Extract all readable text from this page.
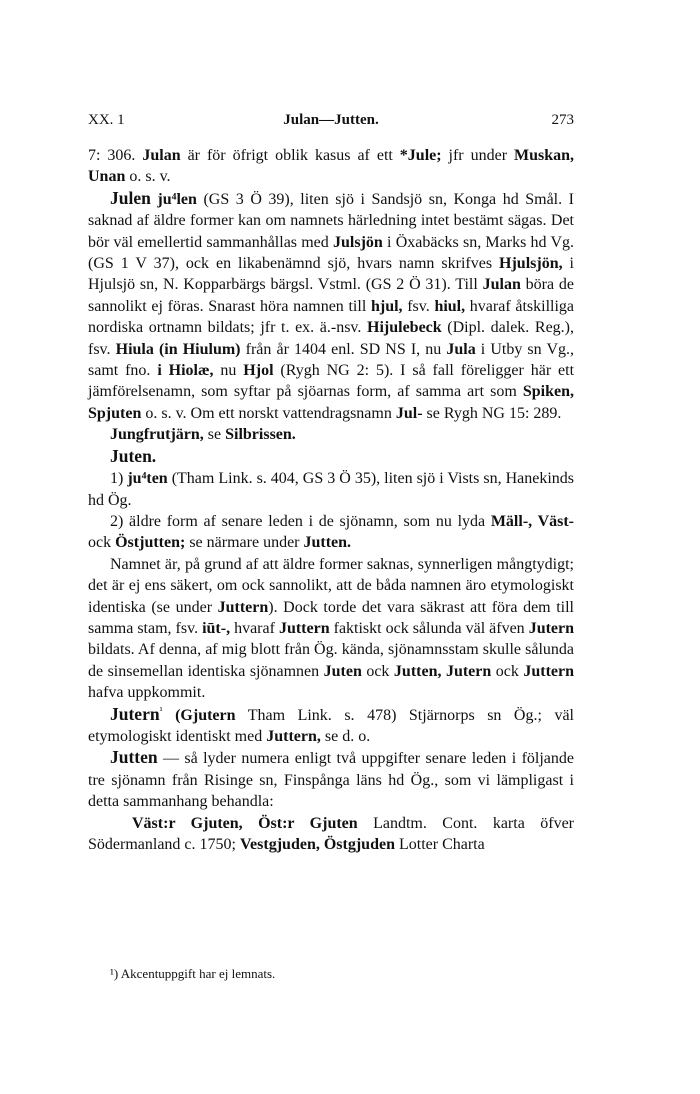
XX. 1	Julan—Jutten.	273

7: 306. Julan är för öfrigt oblik kasus af ett *Jule; jfr under Muskan, Unan o. s. v.

Julen ju⁴len (GS 3 Ö 39), liten sjö i Sandsjö sn, Konga hd Smål. I saknad af äldre former kan om namnets härledning intet bestämt sägas. Det bör väl emellertid sammanhållas med Julsjön i Öxabäcks sn, Marks hd Vg. (GS 1 V 37), ock en likabenämnd sjö, hvars namn skrifves Hjulsjön, i Hjulsjö sn, N. Kopparbärgs bärgsl. Vstml. (GS 2 Ö 31). Till Julan böra de sannolikt ej föras. Snarast höra namnen till hjul, fsv. hiul, hvaraf åtskilliga nordiska ortnamn bildats; jfr t. ex. ä.-nsv. Hijulebeck (Dipl. dalek. Reg.), fsv. Hiula (in Hiulum) från år 1404 enl. SD NS I, nu Jula i Utby sn Vg., samt fno. i Hiolæ, nu Hjol (Rygh NG 2: 5). I så fall föreligger här ett jämförelsenamn, som syftar på sjöarnas form, af samma art som Spiken, Spjuten o. s. v. Om ett norskt vattendragsnamn Jul- se Rygh NG 15: 289.

Jungfrutjärn, se Silbrissen.

Juten.

1) ju⁴ten (Tham Link. s. 404, GS 3 Ö 35), liten sjö i Vists sn, Hanekinds hd Ög.

2) äldre form af senare leden i de sjönamn, som nu lyda Mäll-, Väst- ock Östjutten; se närmare under Jutten.

Namnet är, på grund af att äldre former saknas, synnerligen mångtydigt; det är ej ens säkert, om ock sannolikt, att de båda namnen äro etymologiskt identiska (se under Juttern). Dock torde det vara säkrast att föra dem till samma stam, fsv. iūt-, hvaraf Juttern faktiskt ock sålunda väl äfven Jutern bildats. Af denna, af mig blott från Ög. kända, sjönamnsstam skulle sålunda de sinsemellan identiska sjönamnen Juten ock Jutten, Jutern ock Juttern hafva uppkommit.

Jutern$^{^1}$ (Gjutern Tham Link. s. 478) Stjärnorps sn Ög.; väl etymologiskt identiskt med Juttern, se d. o.

Jutten — så lyder numera enligt två uppgifter senare leden i följande tre sjönamn från Risinge sn, Finspånga läns hd Ög., som vi lämpligast i detta sammanhang behandla:

Väst:r Gjuten, Öst:r Gjuten Landtm. Cont. karta öfver Södermanland c. 1750; Vestgjuden, Östgjuden Lotter Charta

¹) Akcentuppgift har ej lemnats.
